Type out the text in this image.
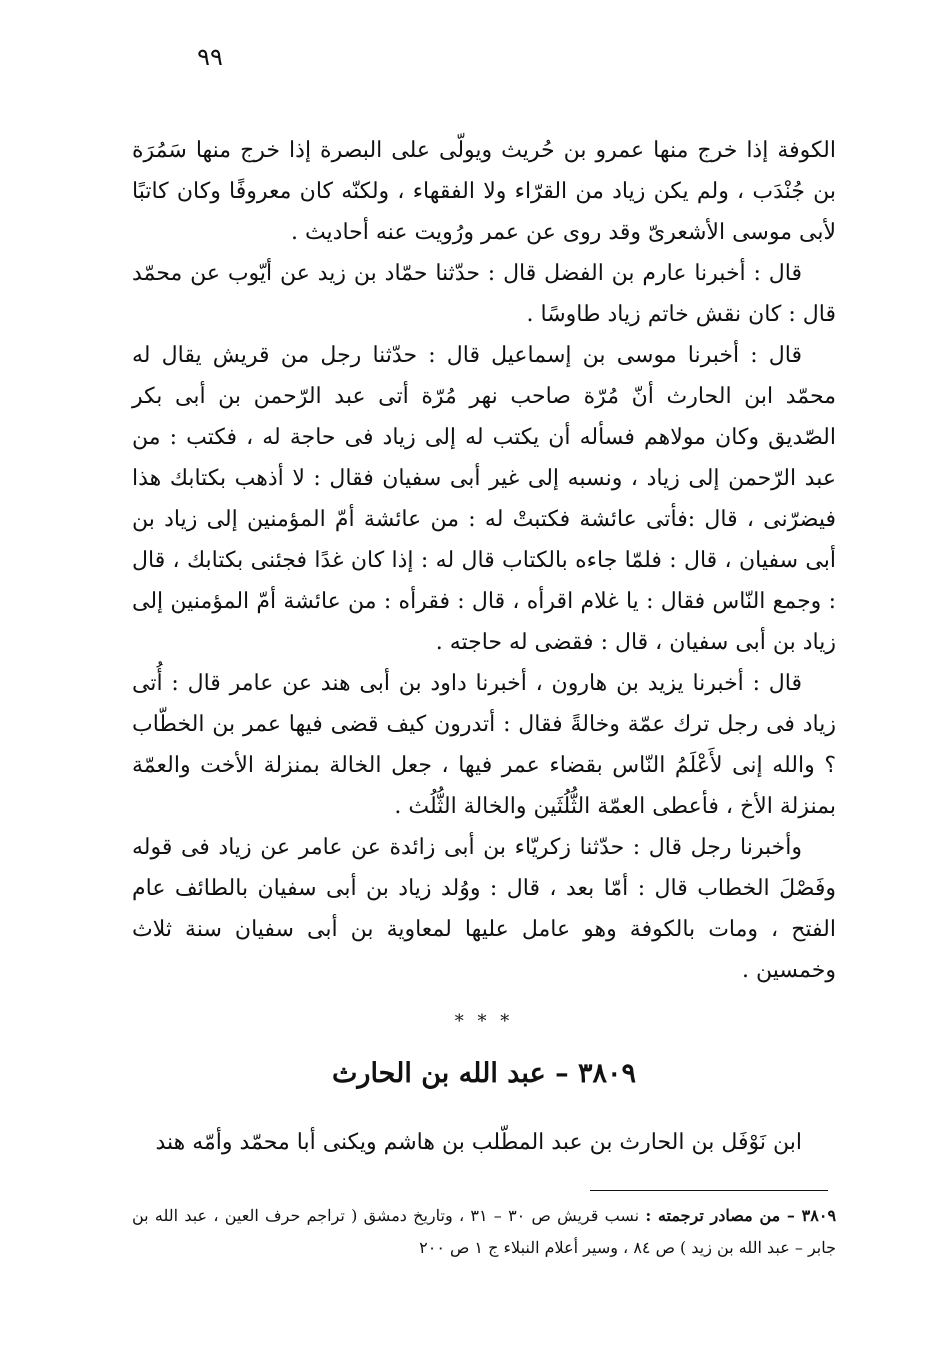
٩٩

الكوفة إذا خرج منها عمرو بن حُريث ويولّى على البصرة إذا خرج منها سَمُرَة بن جُنْدَب ، ولم يكن زياد من القرّاء ولا الفقهاء ، ولكنّه كان معروفًا وكان كاتبًا لأبى موسى الأشعرىّ وقد روى عن عمر ورُويت عنه أحاديث .

قال : أخبرنا عارم بن الفضل قال : حدّثنا حمّاد بن زيد عن أيّوب عن محمّد قال : كان نقش خاتم زياد طاوسًا .

قال : أخبرنا موسى بن إسماعيل قال : حدّثنا رجل من قريش يقال له محمّد ابن الحارث أنّ مُرّة صاحب نهر مُرّة أتى عبد الرّحمن بن أبى بكر الصّديق وكان مولاهم فسأله أن يكتب له إلى زياد فى حاجة له ، فكتب : من عبد الرّحمن إلى زياد ، ونسبه إلى غير أبى سفيان فقال : لا أذهب بكتابك هذا فيضرّنى ، قال :فأتى عائشة فكتبتْ له : من عائشة أمّ المؤمنين إلى زياد بن أبى سفيان ، قال : فلمّا جاءه بالكتاب قال له : إذا كان غدًا فجئنى بكتابك ، قال : وجمع النّاس فقال : يا غلام اقرأه ، قال : فقرأه : من عائشة أمّ المؤمنين إلى زياد بن أبى سفيان ، قال : فقضى له حاجته .

قال : أخبرنا يزيد بن هارون ، أخبرنا داود بن أبى هند عن عامر قال : أُتى زياد فى رجل ترك عمّة وخالةً فقال : أتدرون كيف قضى فيها عمر بن الخطّاب ؟ والله إنى لأَعْلَمُ النّاس بقضاء عمر فيها ، جعل الخالة بمنزلة الأخت والعمّة بمنزلة الأخ ، فأعطى العمّة الثُّلُثَين والخالة الثُّلُث .

وأخبرنا رجل قال : حدّثنا زكريّاء بن أبى زائدة عن عامر عن زياد فى قوله وفَصْلَ الخطاب قال : أمّا بعد ، قال : ووُلد زياد بن أبى سفيان بالطائف عام الفتح ، ومات بالكوفة وهو عامل عليها لمعاوية بن أبى سفيان سنة ثلاث وخمسين .

* * *
٣٨٠٩ – عبد الله بن الحارث
ابن نَوْفَل بن الحارث بن عبد المطّلب بن هاشم ويكنى أبا محمّد وأمّه هند
٣٨٠٩ – من مصادر ترجمته : نسب قريش ص ٣٠ – ٣١ ، وتاريخ دمشق ( تراجم حرف العين ، عبد الله بن جابر – عبد الله بن زيد ) ص ٨٤ ، وسير أعلام النبلاء ج ١ ص ٢٠٠
